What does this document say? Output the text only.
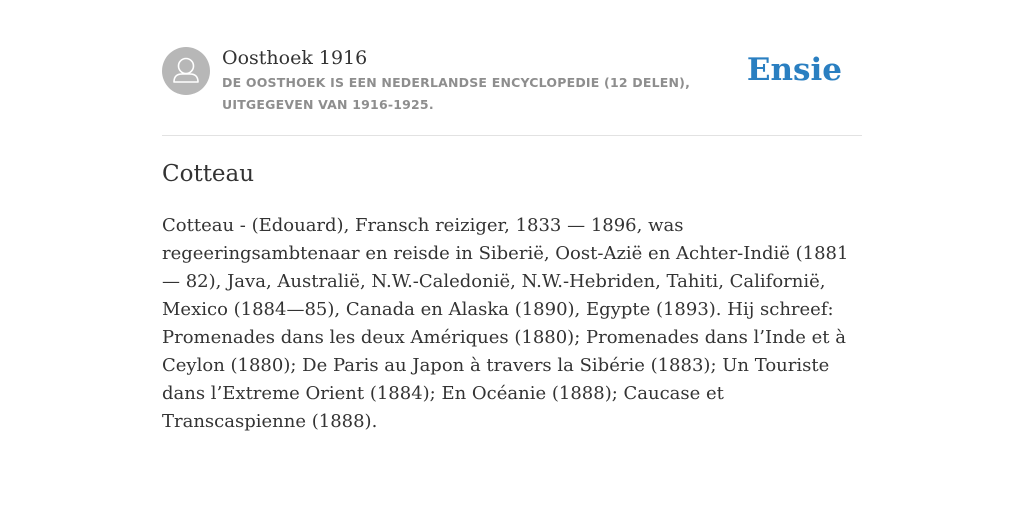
Oosthoek 1916
DE OOSTHOEK IS EEN NEDERLANDSE ENCYCLOPEDIE (12 DELEN), UITGEGEVEN VAN 1916-1925.
Ensie
Cotteau

Cotteau - (Edouard), Fransch reiziger, 1833 — 1896, was regeeringsambtenaar en reisde in Siberië, Oost-Azië en Achter-Indië (1881 — 82), Java, Australië, N.W.-Caledonië, N.W.-Hebriden, Tahiti, Californië, Mexico (1884—85), Canada en Alaska (1890), Egypte (1893). Hij schreef: Promenades dans les deux Amériques (1880); Promenades dans l’Inde et à Ceylon (1880); De Paris au Japon à travers la Sibérie (1883); Un Touriste dans l’Extreme Orient (1884); En Océanie (1888); Caucase et Transcaspienne (1888).
